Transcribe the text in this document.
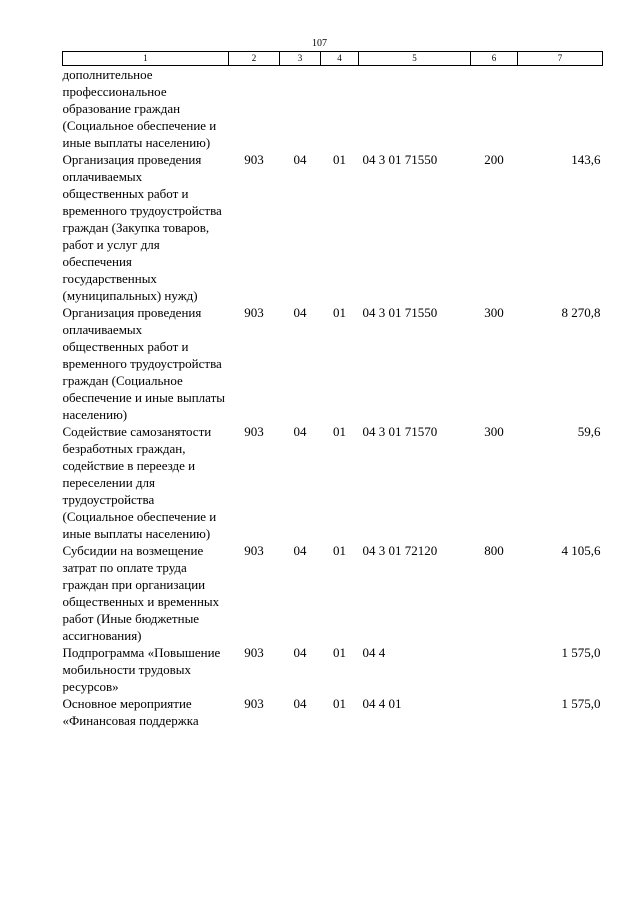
107
1	2	3	4	5	6	7
дополнительное профессиональное образование граждан (Социальное обеспечение и иные выплаты населению)						
Организация проведения оплачиваемых общественных работ и временного трудоустройства граждан (Закупка товаров, работ и услуг для обеспечения государственных (муниципальных) нужд)	903	04	01	04 3 01 71550	200	143,6
Организация проведения оплачиваемых общественных работ и временного трудоустройства граждан (Социальное обеспечение и иные выплаты населению)	903	04	01	04 3 01 71550	300	8 270,8
Содействие самозанятости безработных граждан, содействие в переезде и переселении для трудоустройства (Социальное обеспечение и иные выплаты населению)	903	04	01	04 3 01 71570	300	59,6
Субсидии на возмещение затрат по оплате труда граждан при организации общественных и временных работ (Иные бюджетные ассигнования)	903	04	01	04 3 01 72120	800	4 105,6
Подпрограмма «Повышение мобильности трудовых ресурсов»	903	04	01	04 4		1 575,0
Основное мероприятие «Финансовая поддержка	903	04	01	04 4 01		1 575,0
